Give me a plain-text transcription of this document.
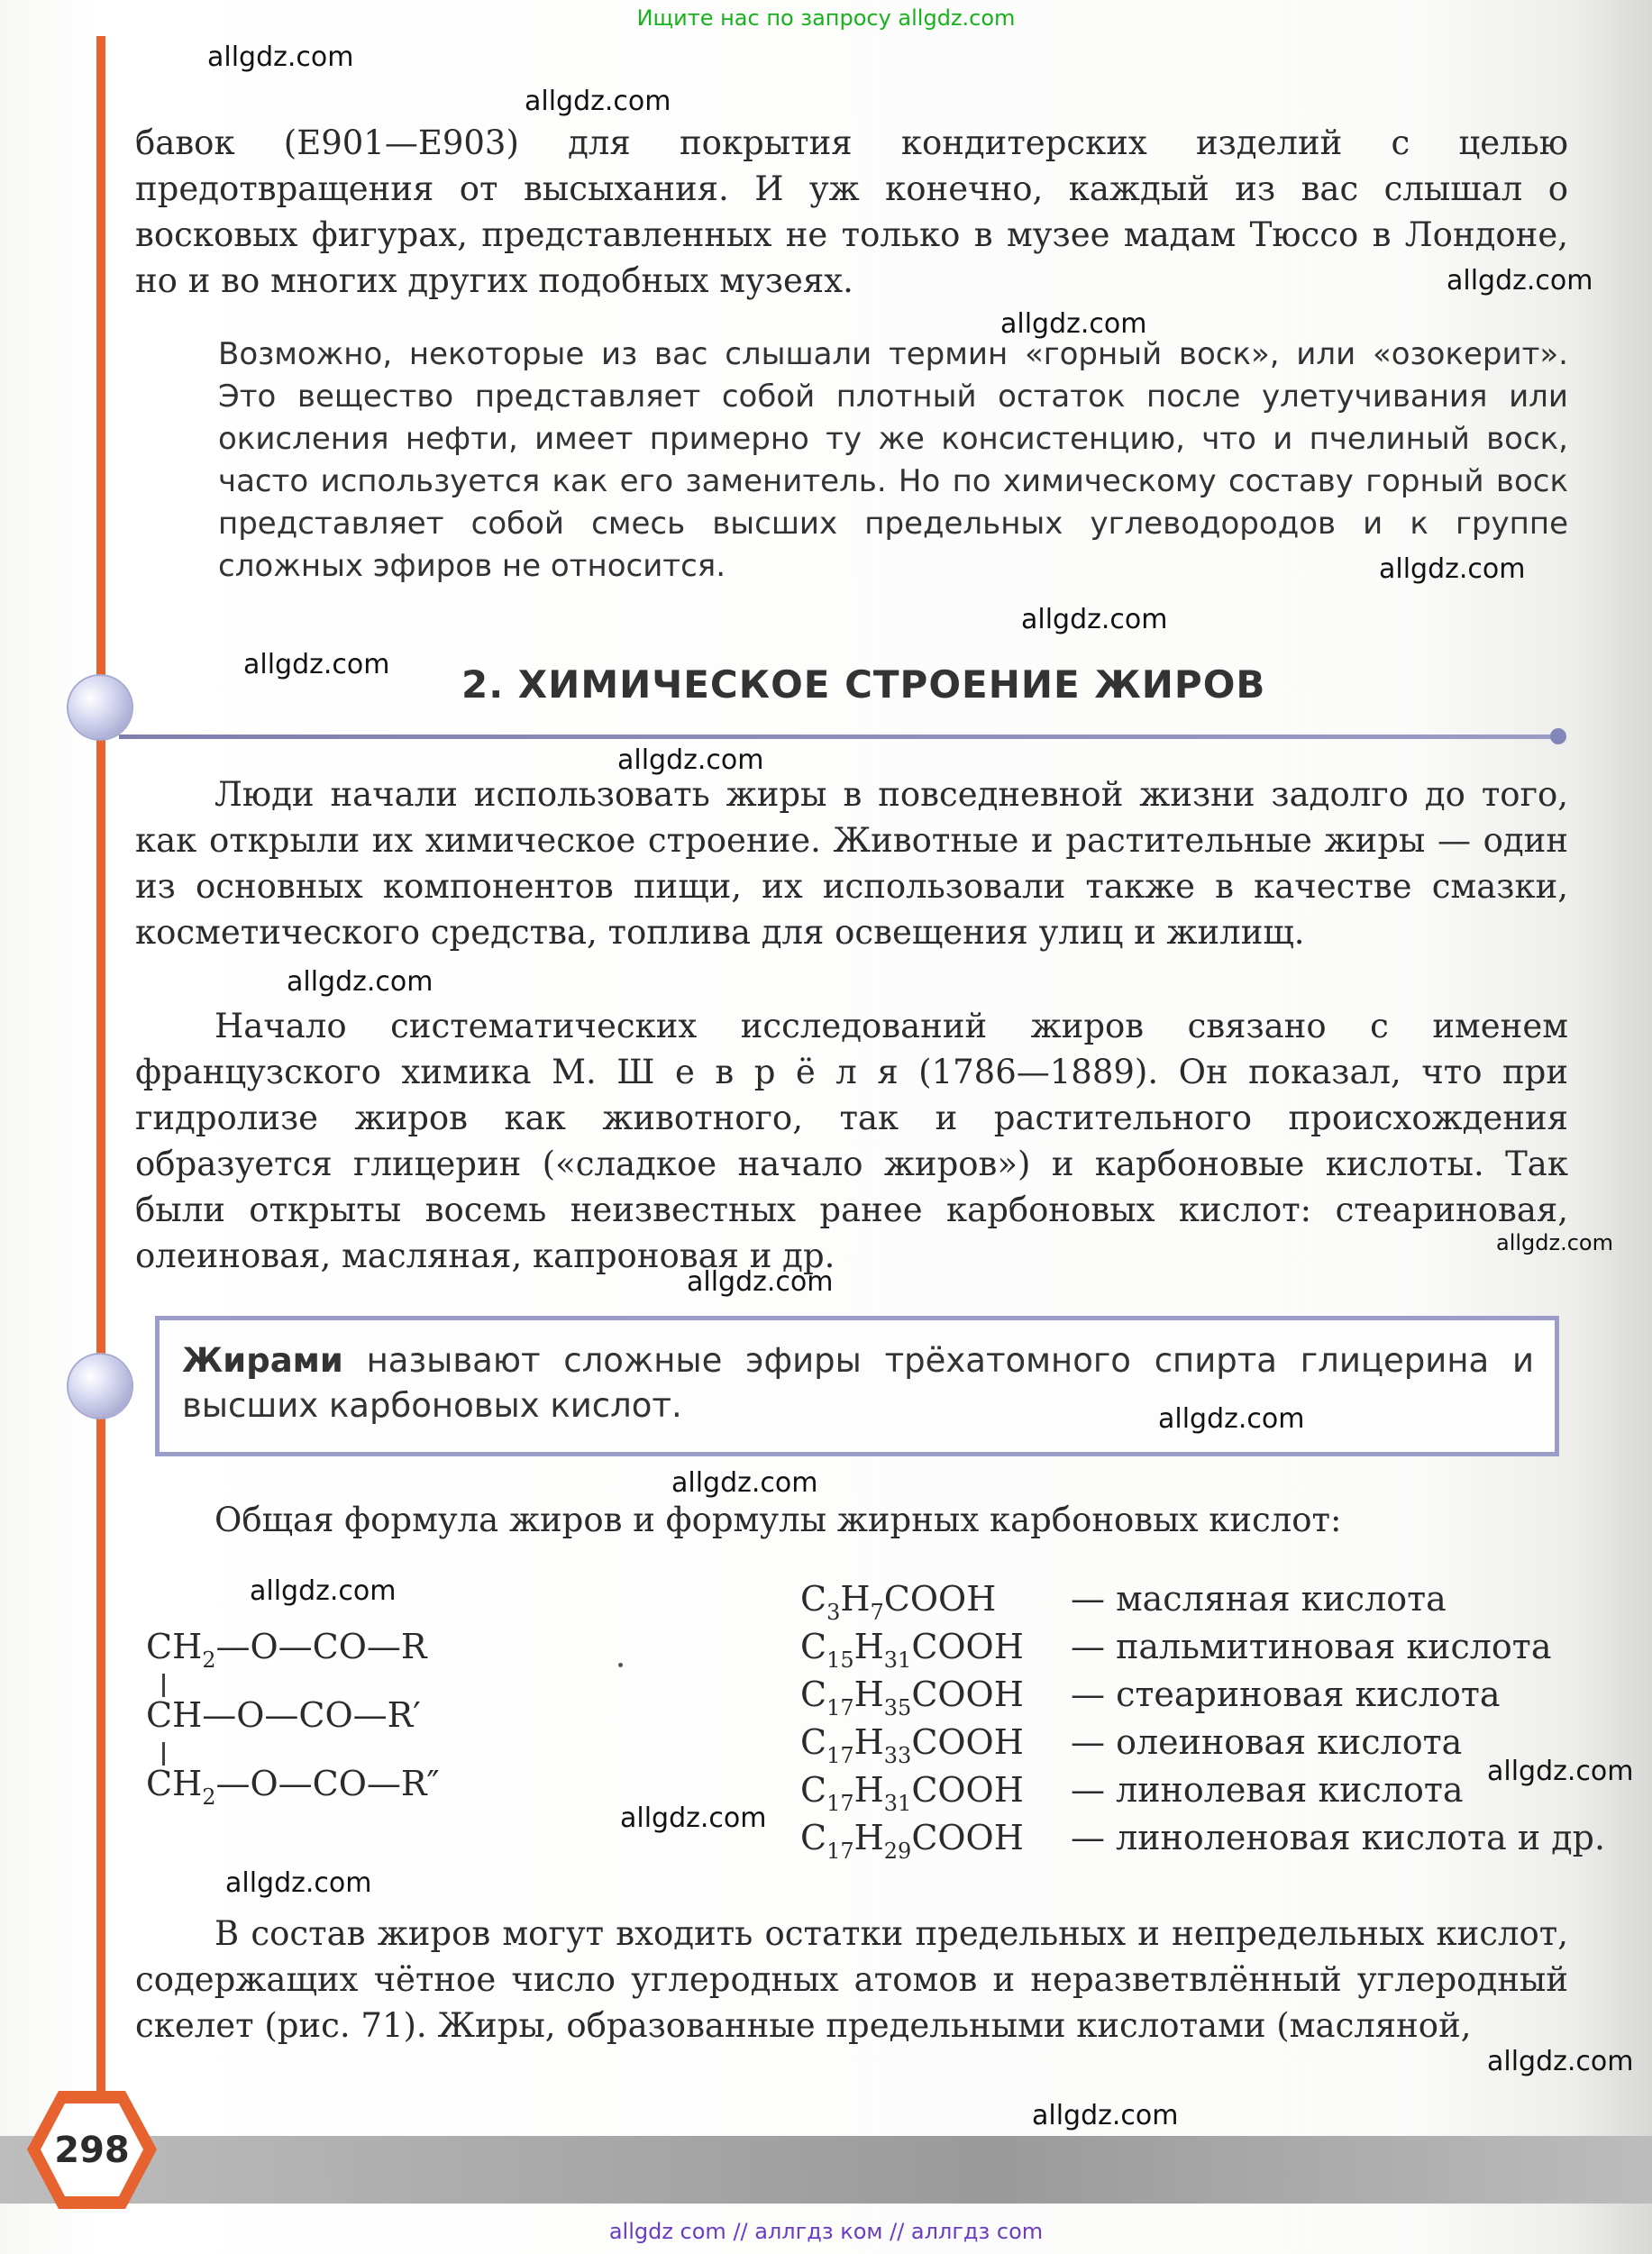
Ищите нас по запросу allgdz.com
бавок (Е901—Е903) для покрытия кондитерских изделий с целью предотвращения от высыхания. И уж конечно, каждый из вас слышал о восковых фигурах, представленных не только в музее мадам Тюссо в Лондоне, но и во многих других подобных музеях.
Возможно, некоторые из вас слышали термин «горный воск», или «озокерит». Это вещество представляет собой плотный остаток после улетучивания или окисления нефти, имеет примерно ту же консистенцию, что и пчелиный воск, часто используется как его заменитель. Но по химическому составу горный воск представляет собой смесь высших предельных углеводородов и к группе сложных эфиров не относится.
2. ХИМИЧЕСКОЕ СТРОЕНИЕ ЖИРОВ
Люди начали использовать жиры в повседневной жизни задолго до того, как открыли их химическое строение. Животные и растительные жиры — один из основных компонентов пищи, их использовали также в качестве смазки, косметического средства, топлива для освещения улиц и жилищ.
Начало систематических исследований жиров связано с именем французского химика М. Ш е в р ё л я (1786—1889). Он показал, что при гидролизе жиров как животного, так и растительного происхождения образуется глицерин («сладкое начало жиров») и карбоновые кислоты. Так были открыты восемь неизвестных ранее карбоновых кислот: стеариновая, олеиновая, масляная, капроновая и др.
Жирами называют сложные эфиры трёхатомного спирта глицерина и высших карбоновых кислот.
Общая формула жиров и формулы жирных карбоновых кислот:
$CH_2—O—CO—R$
CH—O—CO—R′
$CH_2—O—CO—R''$
$C_3H_7COOH$ — масляная кислота
$C_{15}H_{31}COOH$ — пальмитиновая кислота
$C_{17}H_{35}COOH$ — стеариновая кислота
$C_{17}H_{33}COOH$ — олеиновая кислота
$C_{17}H_{31}COOH$ — линолевая кислота
$C_{17}H_{29}COOH$ — линоленовая кислота и др.
В состав жиров могут входить остатки предельных и непредельных кислот, содержащих чётное число углеродных атомов и неразветвлённый углеродный скелет (рис. 71). Жиры, образованные предельными кислотами (масляной,
298
allgdz.com
allgdz.com
allgdz.com
allgdz.com
allgdz.com
allgdz.com
allgdz.com
allgdz.com
allgdz.com
allgdz.com
allgdz.com
allgdz.com
allgdz.com
allgdz.com
allgdz.com
allgdz.com
allgdz.com
allgdz.com
allgdz.com
allgdz com // аллгдз ком // аллгдз com
